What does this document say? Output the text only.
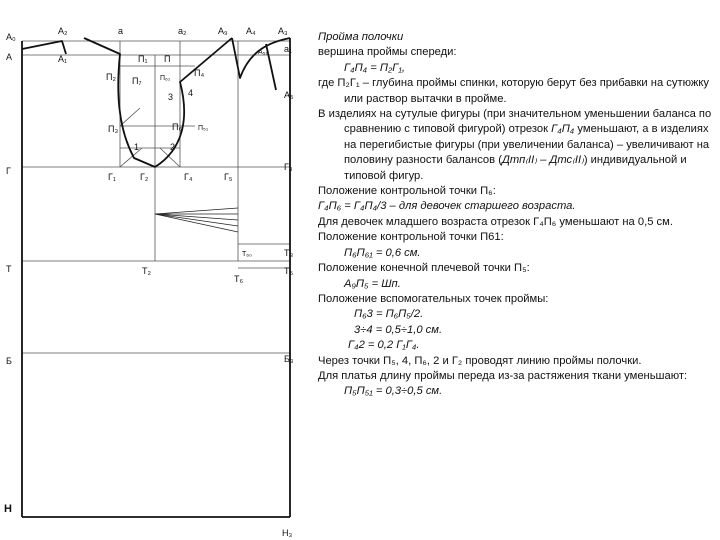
А₀
А₂	а	а₂	А₉ А₄ А₃
А	А₁
а₁
А₅₁
А₅
П₁ П
П₂ П₇	П₆₁
П₄
3 4
П₃	П₆ П₅₁
1	2
Г
Г₁	Г₂	Г₄	Г₅
Г₃
Т	Т₂
Т₆₀	Т₃
Т₆
Т₅
Б	Б₃
Н
Н₃

Пройма полочки

вершина проймы спереди:

Г₄П₄ = П₂Г₁,

где П₂Г₁ – глубина проймы спинки, которую берут без прибавки на сутюжку или раствор вытачки в пройме.

В изделиях на сутулые фигуры (при значительном уменьшении баланса по сравнению с типовой фигурой) отрезок Г₄П₄ уменьшают, а в изделиях на перегибистые фигуры (при увеличении баланса) – увеличивают на половину разности балансов (Дтп₍II₎ – Дтс₍II₎) индивидуальной и типовой фигур.

Положение контрольной точки П₆:

Г₄П₆ = Г₄П₄/3 – для девочек старшего возраста.

Для девочек младшего возраста отрезок Г₄П₆ уменьшают на 0,5 см.

Положение контрольной точки П61:

П₆П₆₁ = 0,6 см.

Положение конечной плечевой точки П₅:

А₉П₅ = Шп.

Положение вспомогательных точек проймы:

П₆3 = П₆П₅/2.

3÷4 = 0,5÷1,0 см.

Г₄2 = 0,2 Г₁Г₄.

Через точки П₅, 4, П₆, 2 и Г₂ проводят линию проймы полочки.

Для платья длину проймы переда из-за растяжения ткани уменьшают:

П₅П₅₁ = 0,3÷0,5 см.
